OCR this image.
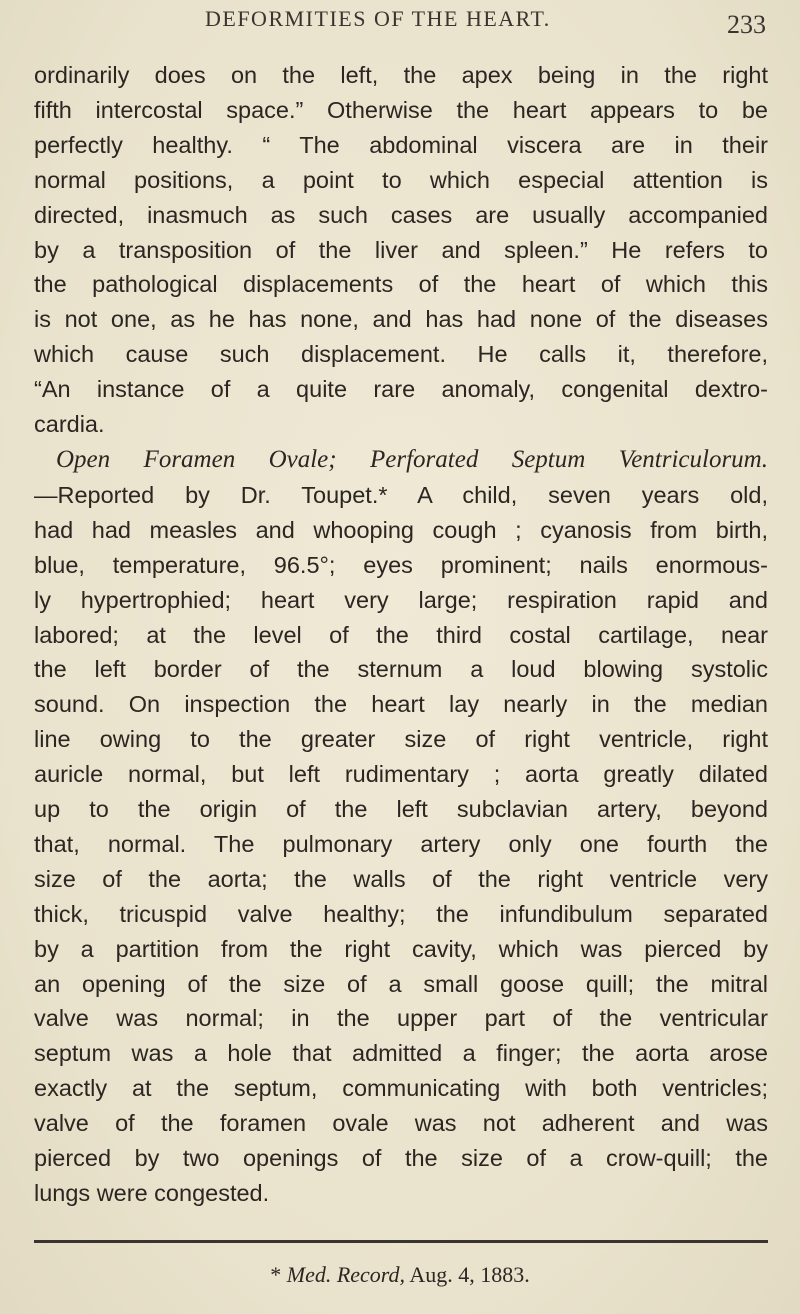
DEFORMITIES OF THE HEART.	233

ordinarily does on the left, the apex being in the right
fifth intercostal space.” Otherwise the heart appears to be
perfectly healthy. “ The abdominal viscera are in their
normal positions, a point to which especial attention is
directed, inasmuch as such cases are usually accompanied
by a transposition of the liver and spleen.” He refers to
the pathological displacements of the heart of which this
is not one, as he has none, and has had none of the diseases
which cause such displacement. He calls it, therefore,
“An instance of a quite rare anomaly, congenital dextro-
cardia.

Open Foramen Ovale; Perforated Septum Ventriculorum.
—Reported by Dr. Toupet.* A child, seven years old,
had had measles and whooping cough ; cyanosis from birth,
blue, temperature, 96.5°; eyes prominent; nails enormous-
ly hypertrophied; heart very large; respiration rapid and
labored; at the level of the third costal cartilage, near
the left border of the sternum a loud blowing systolic
sound. On inspection the heart lay nearly in the median
line owing to the greater size of right ventricle, right
auricle normal, but left rudimentary ; aorta greatly dilated
up to the origin of the left subclavian artery, beyond
that, normal. The pulmonary artery only one fourth the
size of the aorta; the walls of the right ventricle very
thick, tricuspid valve healthy; the infundibulum separated
by a partition from the right cavity, which was pierced by
an opening of the size of a small goose quill; the mitral
valve was normal; in the upper part of the ventricular
septum was a hole that admitted a finger; the aorta arose
exactly at the septum, communicating with both ventricles;
valve of the foramen ovale was not adherent and was
pierced by two openings of the size of a crow-quill; the
lungs were congested.

* Med. Record, Aug. 4, 1883.
